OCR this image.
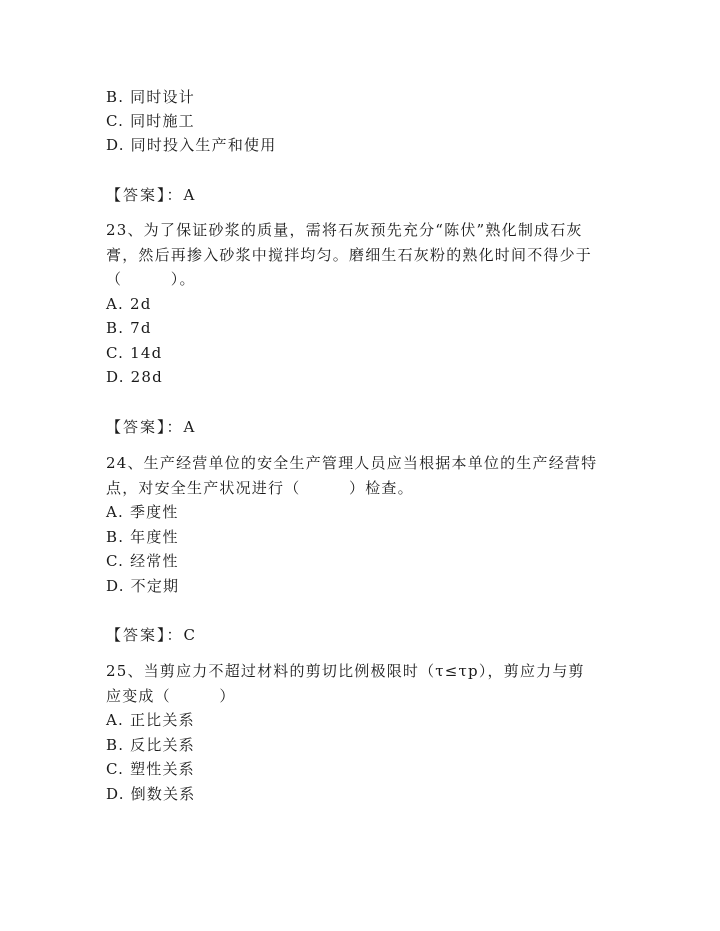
B. 同时设计
C. 同时施工
D. 同时投入生产和使用
【答案】：A
23、为了保证砂浆的质量，需将石灰预先充分“陈伏”熟化制成石灰
膏，然后再掺入砂浆中搅拌均匀。磨细生石灰粉的熟化时间不得少于
（　　　）。
A. 2d
B. 7d
C. 14d
D. 28d
【答案】：A
24、生产经营单位的安全生产管理人员应当根据本单位的生产经营特
点，对安全生产状况进行（　　　）检查。
A. 季度性
B. 年度性
C. 经常性
D. 不定期
【答案】：C
25、当剪应力不超过材料的剪切比例极限时（τ≤τp），剪应力与剪
应变成（　　　）
A. 正比关系
B. 反比关系
C. 塑性关系
D. 倒数关系
